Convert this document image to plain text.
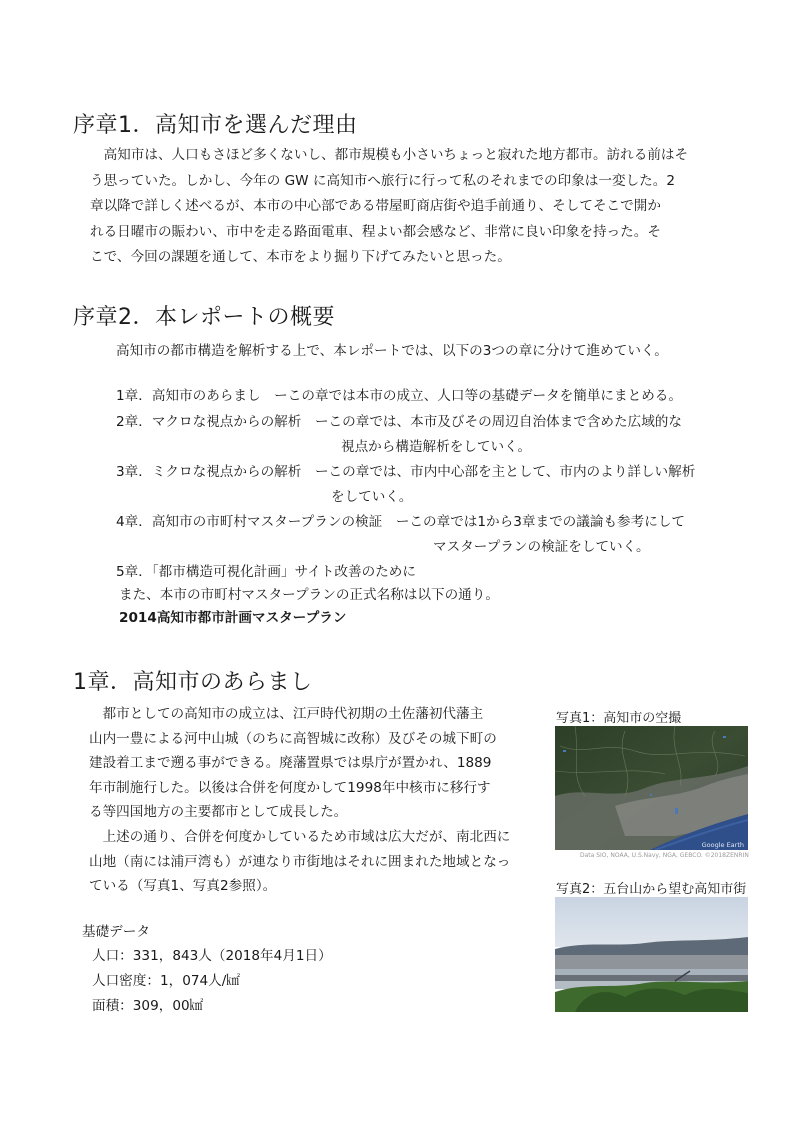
序章1．高知市を選んだ理由
　高知市は、人口もさほど多くないし、都市規模も小さいちょっと寂れた地方都市。訪れる前はそ
う思っていた。しかし、今年の GW に高知市へ旅行に行って私のそれまでの印象は一変した。2
章以降で詳しく述べるが、本市の中心部である帯屋町商店街や追手前通り、そしてそこで開か
れる日曜市の賑わい、市中を走る路面電車、程よい都会感など、非常に良い印象を持った。そ
こで、今回の課題を通して、本市をより掘り下げてみたいと思った。
序章2．本レポートの概要
高知市の都市構造を解析する上で、本レポートでは、以下の3つの章に分けて進めていく。
1章．高知市のあらまし　ーこの章では本市の成立、人口等の基礎データを簡単にまとめる。
2章．マクロな視点からの解析　ーこの章では、本市及びその周辺自治体まで含めた広域的な
視点から構造解析をしていく。
3章．ミクロな視点からの解析　ーこの章では、市内中心部を主として、市内のより詳しい解析
をしていく。
4章．高知市の市町村マスタープランの検証　ーこの章では1から3章までの議論も参考にして
マスタープランの検証をしていく。
5章．「都市構造可視化計画」サイト改善のために
また、本市の市町村マスタープランの正式名称は以下の通り。
2014高知市都市計画マスタープラン
1章．高知市のあらまし
　都市としての高知市の成立は、江戸時代初期の土佐藩初代藩主
山内一豊による河中山城（のちに高智城に改称）及びその城下町の
建設着工まで遡る事ができる。廃藩置県では県庁が置かれ、1889
年市制施行した。以後は合併を何度かして1998年中核市に移行す
る等四国地方の主要都市として成長した。
　上述の通り、合併を何度かしているため市域は広大だが、南北西に
山地（南には浦戸湾も）が連なり市街地はそれに囲まれた地域となっ
ている（写真1、写真2参照）。
基礎データ
人口：331，843人（2018年4月1日）
人口密度：1，074人/㎢
面積：309，00㎢
写真1：高知市の空撮
Google Earth
Data SIO, NOAA, U.S.Navy, NGA, GEBCO. ©2018ZENRIN
写真2：五台山から望む高知市街
